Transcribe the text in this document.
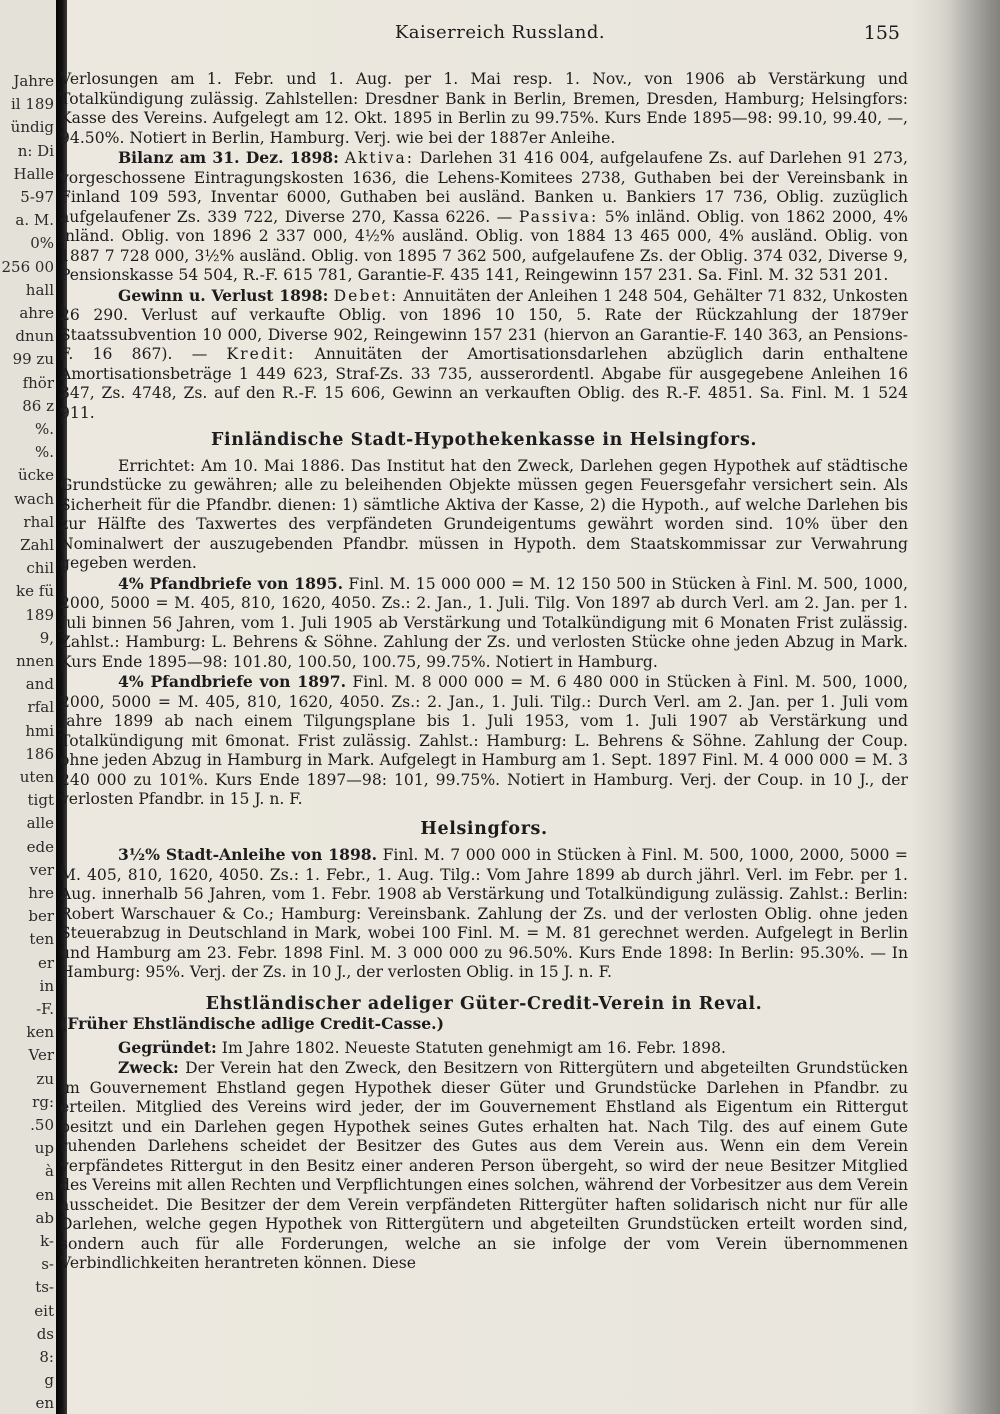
Jahre
il 189
ündig
n: Di
Halle
5-97
a. M.
0%
256 00
hall
ahre
dnun
99 zu
fhör
86 z
%.
%.
ücke
wach
rhal
Zahl
chil
ke fü
189
9,
nnen
and
rfal
hmi
186
uten
tigt
alle
ede
ver
hre
ber
ten
er
in
-F.
ken
Ver
zu
rg:
.50
up
à
en
ab
k-
s-
ts-
eit
ds
8:
g
en
Kaiserreich Russland.	155

Verlosungen am 1. Febr. und 1. Aug. per 1. Mai resp. 1. Nov., von 1906 ab Verstärkung und Totalkündigung zulässig. Zahlstellen: Dresdner Bank in Berlin, Bremen, Dresden, Hamburg; Helsingfors: Kasse des Vereins. Aufgelegt am 12. Okt. 1895 in Berlin zu 99.75%. Kurs Ende 1895—98: 99.10, 99.40, —, 94.50%. Notiert in Berlin, Hamburg. Verj. wie bei der 1887er Anleihe.

Bilanz am 31. Dez. 1898: Aktiva: Darlehen 31 416 004, aufgelaufene Zs. auf Darlehen 91 273, vorgeschossene Eintragungskosten 1636, die Lehens-Komitees 2738, Guthaben bei der Vereinsbank in Finland 109 593, Inventar 6000, Guthaben bei ausländ. Banken u. Bankiers 17 736, Oblig. zuzüglich aufgelaufener Zs. 339 722, Diverse 270, Kassa 6226. — Passiva: 5% inländ. Oblig. von 1862 2000, 4% inländ. Oblig. von 1896 2 337 000, 4½% ausländ. Oblig. von 1884 13 465 000, 4% ausländ. Oblig. von 1887 7 728 000, 3½% ausländ. Oblig. von 1895 7 362 500, aufgelaufene Zs. der Oblig. 374 032, Diverse 9, Pensionskasse 54 504, R.-F. 615 781, Garantie-F. 435 141, Reingewinn 157 231. Sa. Finl. M. 32 531 201.

Gewinn u. Verlust 1898: Debet: Annuitäten der Anleihen 1 248 504, Gehälter 71 832, Unkosten 26 290. Verlust auf verkaufte Oblig. von 1896 10 150, 5. Rate der Rückzahlung der 1879er Staatssubvention 10 000, Diverse 902, Reingewinn 157 231 (hiervon an Garantie-F. 140 363, an Pensions-F. 16 867). — Kredit: Annuitäten der Amortisationsdarlehen abzüglich darin enthaltene Amortisationsbeträge 1 449 623, Straf-Zs. 33 735, ausserordentl. Abgabe für ausgegebene Anleihen 16 347, Zs. 4748, Zs. auf den R.-F. 15 606, Gewinn an verkauften Oblig. des R.-F. 4851. Sa. Finl. M. 1 524 911.

Finländische Stadt-Hypothekenkasse in Helsingfors.

Errichtet: Am 10. Mai 1886. Das Institut hat den Zweck, Darlehen gegen Hypothek auf städtische Grundstücke zu gewähren; alle zu beleihenden Objekte müssen gegen Feuersgefahr versichert sein. Als Sicherheit für die Pfandbr. dienen: 1) sämtliche Aktiva der Kasse, 2) die Hypoth., auf welche Darlehen bis zur Hälfte des Taxwertes des verpfändeten Grundeigentums gewährt worden sind. 10% über den Nominalwert der auszugebenden Pfandbr. müssen in Hypoth. dem Staatskommissar zur Verwahrung gegeben werden.

4% Pfandbriefe von 1895. Finl. M. 15 000 000 = M. 12 150 500 in Stücken à Finl. M. 500, 1000, 2000, 5000 = M. 405, 810, 1620, 4050. Zs.: 2. Jan., 1. Juli. Tilg. Von 1897 ab durch Verl. am 2. Jan. per 1. Juli binnen 56 Jahren, vom 1. Juli 1905 ab Verstärkung und Totalkündigung mit 6 Monaten Frist zulässig. Zahlst.: Hamburg: L. Behrens & Söhne. Zahlung der Zs. und verlosten Stücke ohne jeden Abzug in Mark. Kurs Ende 1895—98: 101.80, 100.50, 100.75, 99.75%. Notiert in Hamburg.

4% Pfandbriefe von 1897. Finl. M. 8 000 000 = M. 6 480 000 in Stücken à Finl. M. 500, 1000, 2000, 5000 = M. 405, 810, 1620, 4050. Zs.: 2. Jan., 1. Juli. Tilg.: Durch Verl. am 2. Jan. per 1. Juli vom Jahre 1899 ab nach einem Tilgungsplane bis 1. Juli 1953, vom 1. Juli 1907 ab Verstärkung und Totalkündigung mit 6monat. Frist zulässig. Zahlst.: Hamburg: L. Behrens & Söhne. Zahlung der Coup. ohne jeden Abzug in Hamburg in Mark. Aufgelegt in Hamburg am 1. Sept. 1897 Finl. M. 4 000 000 = M. 3 240 000 zu 101%. Kurs Ende 1897—98: 101, 99.75%. Notiert in Hamburg. Verj. der Coup. in 10 J., der verlosten Pfandbr. in 15 J. n. F.

Helsingfors.

3½% Stadt-Anleihe von 1898. Finl. M. 7 000 000 in Stücken à Finl. M. 500, 1000, 2000, 5000 = M. 405, 810, 1620, 4050. Zs.: 1. Febr., 1. Aug. Tilg.: Vom Jahre 1899 ab durch jährl. Verl. im Febr. per 1. Aug. innerhalb 56 Jahren, vom 1. Febr. 1908 ab Verstärkung und Totalkündigung zulässig. Zahlst.: Berlin: Robert Warschauer & Co.; Hamburg: Vereinsbank. Zahlung der Zs. und der verlosten Oblig. ohne jeden Steuerabzug in Deutschland in Mark, wobei 100 Finl. M. = M. 81 gerechnet werden. Aufgelegt in Berlin und Hamburg am 23. Febr. 1898 Finl. M. 3 000 000 zu 96.50%. Kurs Ende 1898: In Berlin: 95.30%. — In Hamburg: 95%. Verj. der Zs. in 10 J., der verlosten Oblig. in 15 J. n. F.

Ehstländischer adeliger Güter-Credit-Verein in Reval.

(Früher Ehstländische adlige Credit-Casse.)

Gegründet: Im Jahre 1802. Neueste Statuten genehmigt am 16. Febr. 1898.

Zweck: Der Verein hat den Zweck, den Besitzern von Rittergütern und abgeteilten Grundstücken im Gouvernement Ehstland gegen Hypothek dieser Güter und Grundstücke Darlehen in Pfandbr. zu erteilen. Mitglied des Vereins wird jeder, der im Gouvernement Ehstland als Eigentum ein Rittergut besitzt und ein Darlehen gegen Hypothek seines Gutes erhalten hat. Nach Tilg. des auf einem Gute ruhenden Darlehens scheidet der Besitzer des Gutes aus dem Verein aus. Wenn ein dem Verein verpfändetes Rittergut in den Besitz einer anderen Person übergeht, so wird der neue Besitzer Mitglied des Vereins mit allen Rechten und Verpflichtungen eines solchen, während der Vorbesitzer aus dem Verein ausscheidet. Die Besitzer der dem Verein verpfändeten Rittergüter haften solidarisch nicht nur für alle Darlehen, welche gegen Hypothek von Rittergütern und abgeteilten Grundstücken erteilt worden sind, sondern auch für alle Forderungen, welche an sie infolge der vom Verein übernommenen Verbindlichkeiten herantreten können. Diese
